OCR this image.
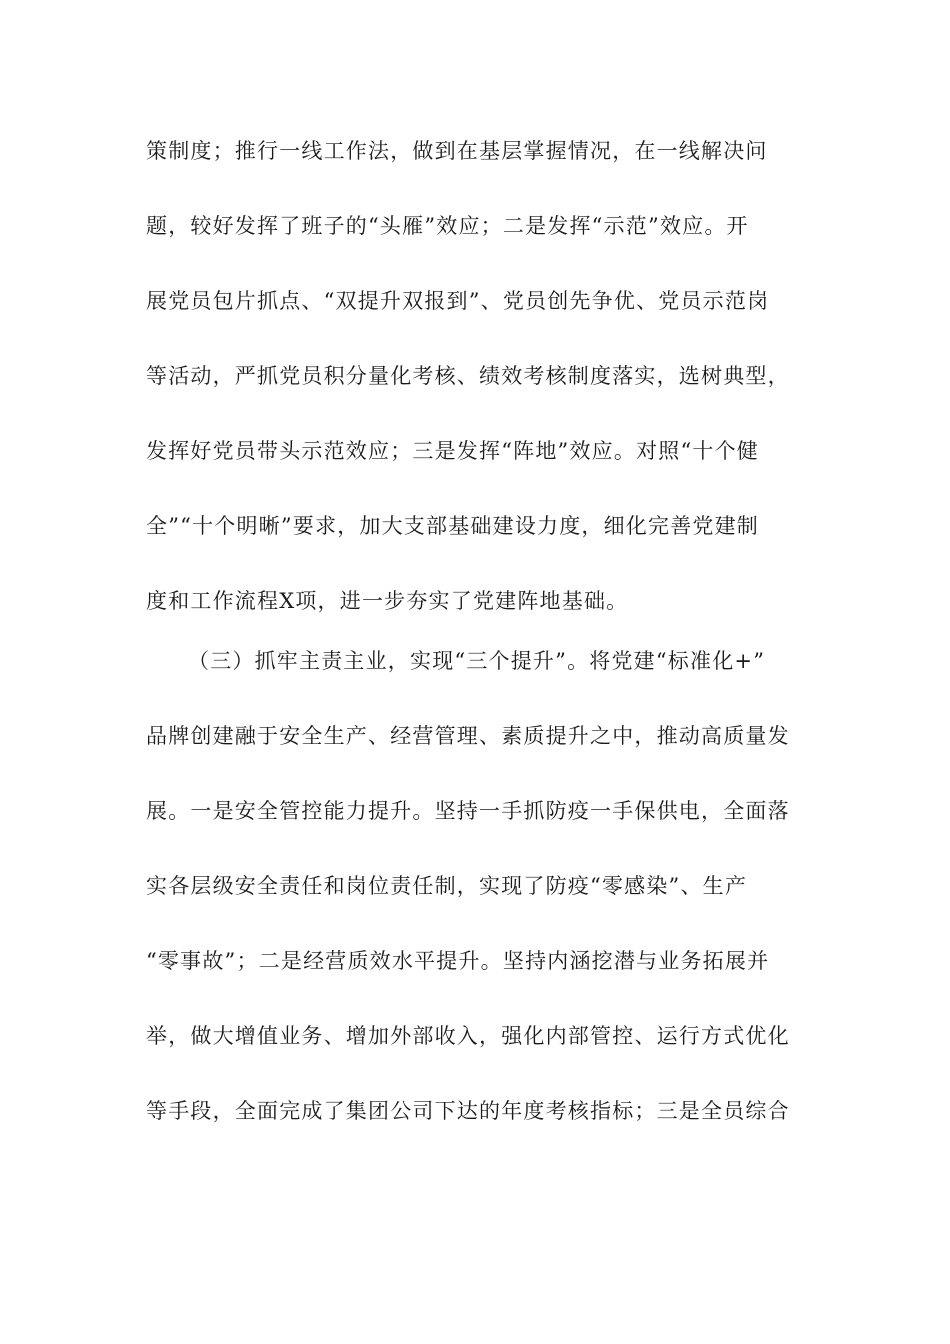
策制度；推行一线工作法，做到在基层掌握情况，在一线解决问
题，较好发挥了班子的“头雁”效应；二是发挥“示范”效应。开
展党员包片抓点、“双提升双报到”、党员创先争优、党员示范岗
等活动，严抓党员积分量化考核、绩效考核制度落实，选树典型，
发挥好党员带头示范效应；三是发挥“阵地”效应。对照“十个健
全”“十个明晰”要求，加大支部基础建设力度，细化完善党建制
度和工作流程X项，进一步夯实了党建阵地基础。
（三）抓牢主责主业，实现“三个提升”。将党建“标准化+”
品牌创建融于安全生产、经营管理、素质提升之中，推动高质量发
展。一是安全管控能力提升。坚持一手抓防疫一手保供电，全面落
实各层级安全责任和岗位责任制，实现了防疫“零感染”、生产
“零事故”；二是经营质效水平提升。坚持内涵挖潜与业务拓展并
举，做大增值业务、增加外部收入，强化内部管控、运行方式优化
等手段，全面完成了集团公司下达的年度考核指标；三是全员综合
